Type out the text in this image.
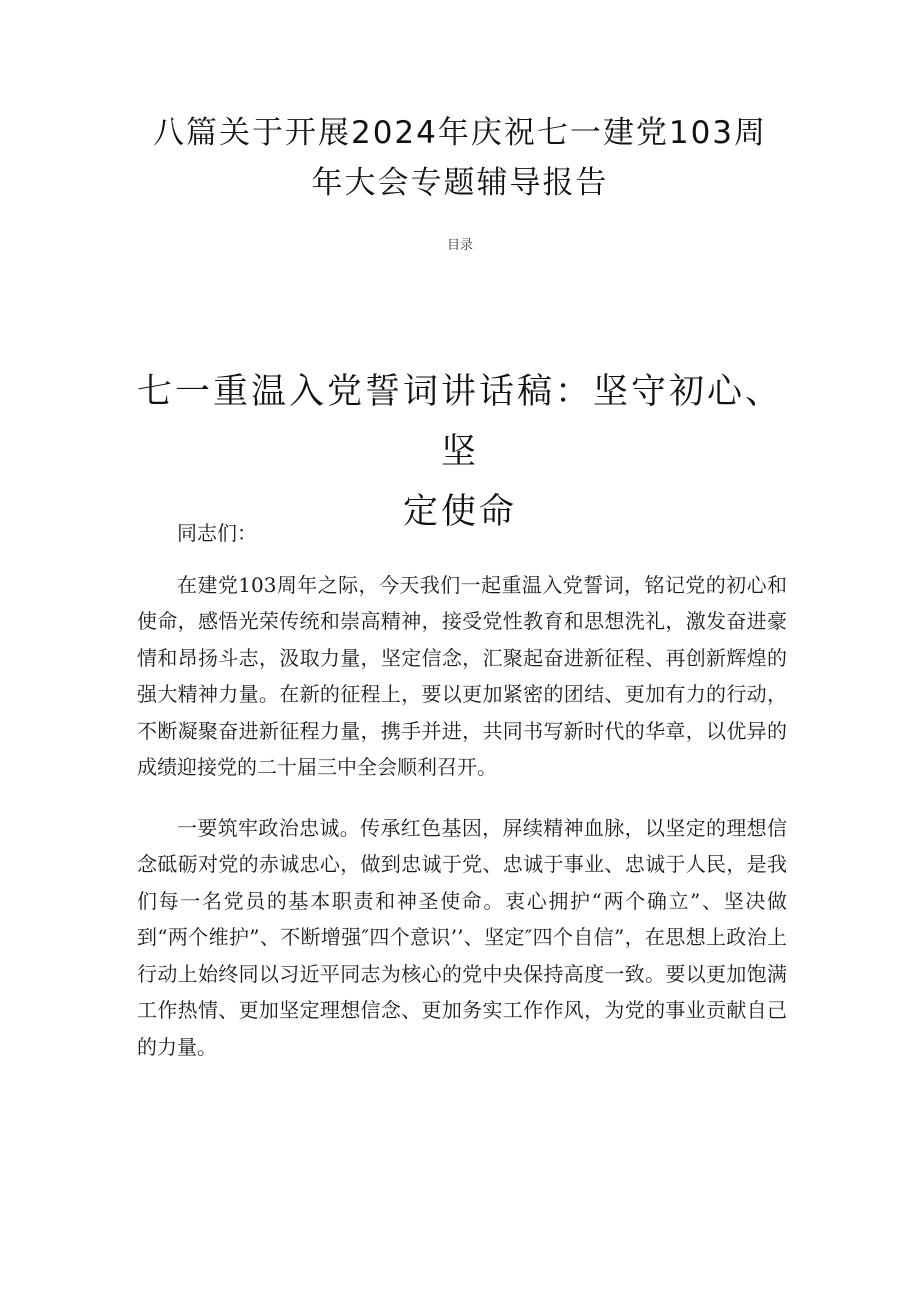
八篇关于开展2024年庆祝七一建党103周
年大会专题辅导报告
目录
七一重温入党誓词讲话稿：坚守初心、坚
定使命

同志们：

在建党103周年之际，今天我们一起重温入党誓词，铭记党的初心和使命，感悟光荣传统和崇高精神，接受党性教育和思想洗礼，激发奋进豪情和昂扬斗志，汲取力量，坚定信念，汇聚起奋进新征程、再创新辉煌的强大精神力量。在新的征程上，要以更加紧密的团结、更加有力的行动，不断凝聚奋进新征程力量，携手并进，共同书写新时代的华章，以优异的成绩迎接党的二十届三中全会顺利召开。

一要筑牢政治忠诚。传承红色基因，屏续精神血脉，以坚定的理想信念砥砺对党的赤诚忠心，做到忠诚于党、忠诚于事业、忠诚于人民，是我们每一名党员的基本职责和神圣使命。衷心拥护“两个确立”、坚决做到“两个维护”、不断增强″四个意识’’、坚定″四个自信”，在思想上政治上行动上始终同以习近平同志为核心的党中央保持高度一致。要以更加饱满工作热情、更加坚定理想信念、更加务实工作作风，为党的事业贡献自己的力量。
